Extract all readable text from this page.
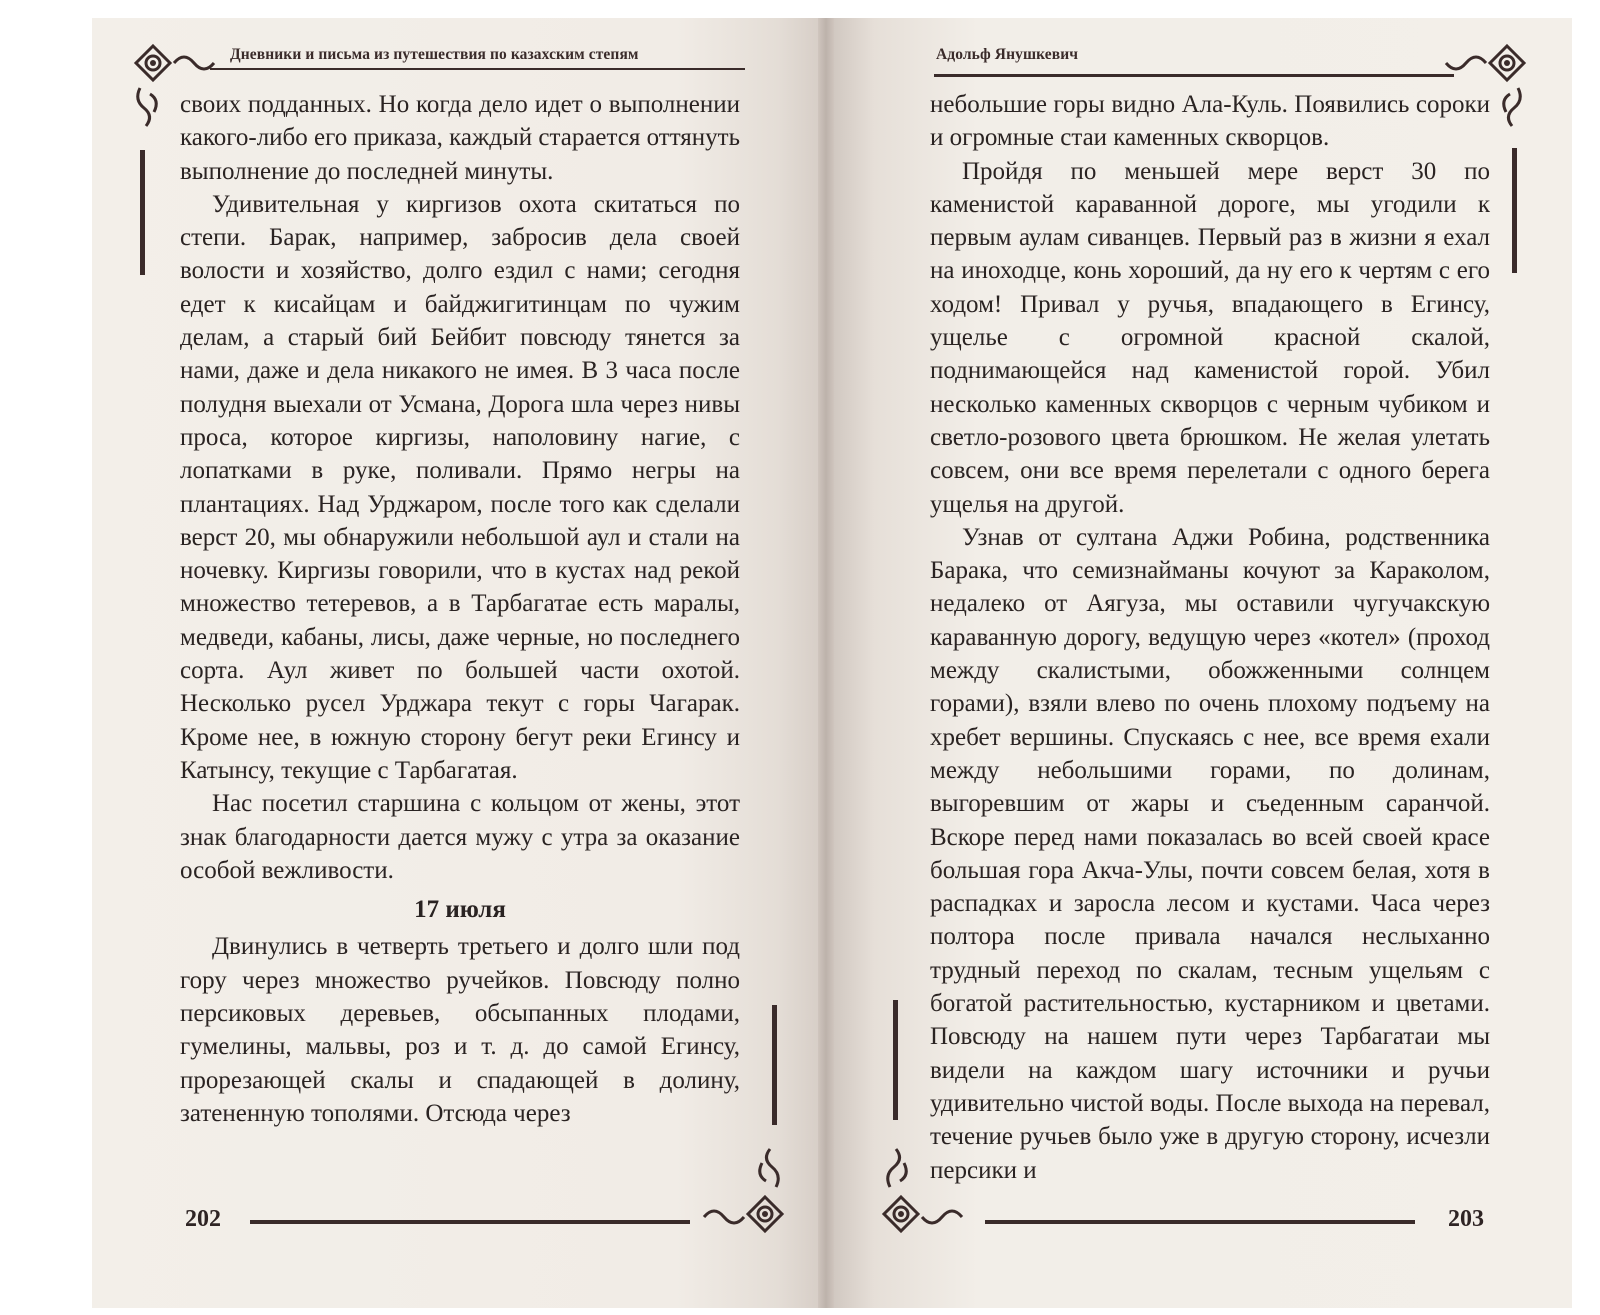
Дневники и письма из путешествия по казахским степям

своих подданных. Но когда дело идет о выполнении какого-либо его приказа, каждый старается оттянуть выполнение до последней минуты.

Удивительная у киргизов охота скитаться по степи. Барак, например, забросив дела своей волости и хозяйство, долго ездил с нами; сегодня едет к кисайцам и байджигитинцам по чужим делам, а старый бий Бейбит повсюду тянется за нами, даже и дела никакого не имея. В 3 часа после полудня выехали от Усмана, Дорога шла через нивы проса, которое киргизы, наполовину нагие, с лопатками в руке, поливали. Прямо негры на плантациях. Над Урджаром, после того как сделали верст 20, мы обнаружили небольшой аул и стали на ночевку. Киргизы говорили, что в кустах над рекой множество тетеревов, а в Тарбагатае есть маралы, медведи, кабаны, лисы, даже черные, но последнего сорта. Аул живет по большей части охотой. Несколько русел Урджара текут с горы Чагарак. Кроме нее, в южную сторону бегут реки Егинсу и Катынсу, текущие с Тарбагатая.

Нас посетил старшина с кольцом от жены, этот знак благодарности дается мужу с утра за оказание особой вежливости.

17 июля

Двинулись в четверть третьего и долго шли под гору через множество ручейков. Повсюду полно персиковых деревьев, обсыпанных плодами, гумелины, мальвы, роз и т. д. до самой Егинсу, прорезающей скалы и спадающей в долину, затененную тополями. Отсюда через

202
Адольф Янушкевич

небольшие горы видно Ала-Куль. Появились сороки и огромные стаи каменных скворцов.

Пройдя по меньшей мере верст 30 по каменистой караванной дороге, мы угодили к первым аулам сиванцев. Первый раз в жизни я ехал на иноходце, конь хороший, да ну его к чертям с его ходом! Привал у ручья, впадающего в Егинсу, ущелье с огромной красной скалой, поднимающейся над каменистой горой. Убил несколько каменных скворцов с черным чубиком и светло-розового цвета брюшком. Не желая улетать совсем, они все время перелетали с одного берега ущелья на другой.

Узнав от султана Аджи Робина, родственника Барака, что семизнайманы кочуют за Караколом, недалеко от Аягуза, мы оставили чугучакскую караванную дорогу, ведущую через «котел» (проход между скалистыми, обожженными солнцем горами), взяли влево по очень плохому подъему на хребет вершины. Спускаясь с нее, все время ехали между небольшими горами, по долинам, выгоревшим от жары и съеденным саранчой. Вскоре перед нами показалась во всей своей красе большая гора Акча-Улы, почти совсем белая, хотя в распадках и заросла лесом и кустами. Часа через полтора после привала начался неслыханно трудный переход по скалам, тесным ущельям с богатой растительностью, кустарником и цветами. Повсюду на нашем пути через Тарбагатаи мы видели на каждом шагу источники и ручьи удивительно чистой воды. После выхода на перевал, течение ручьев было уже в другую сторону, исчезли персики и

203
